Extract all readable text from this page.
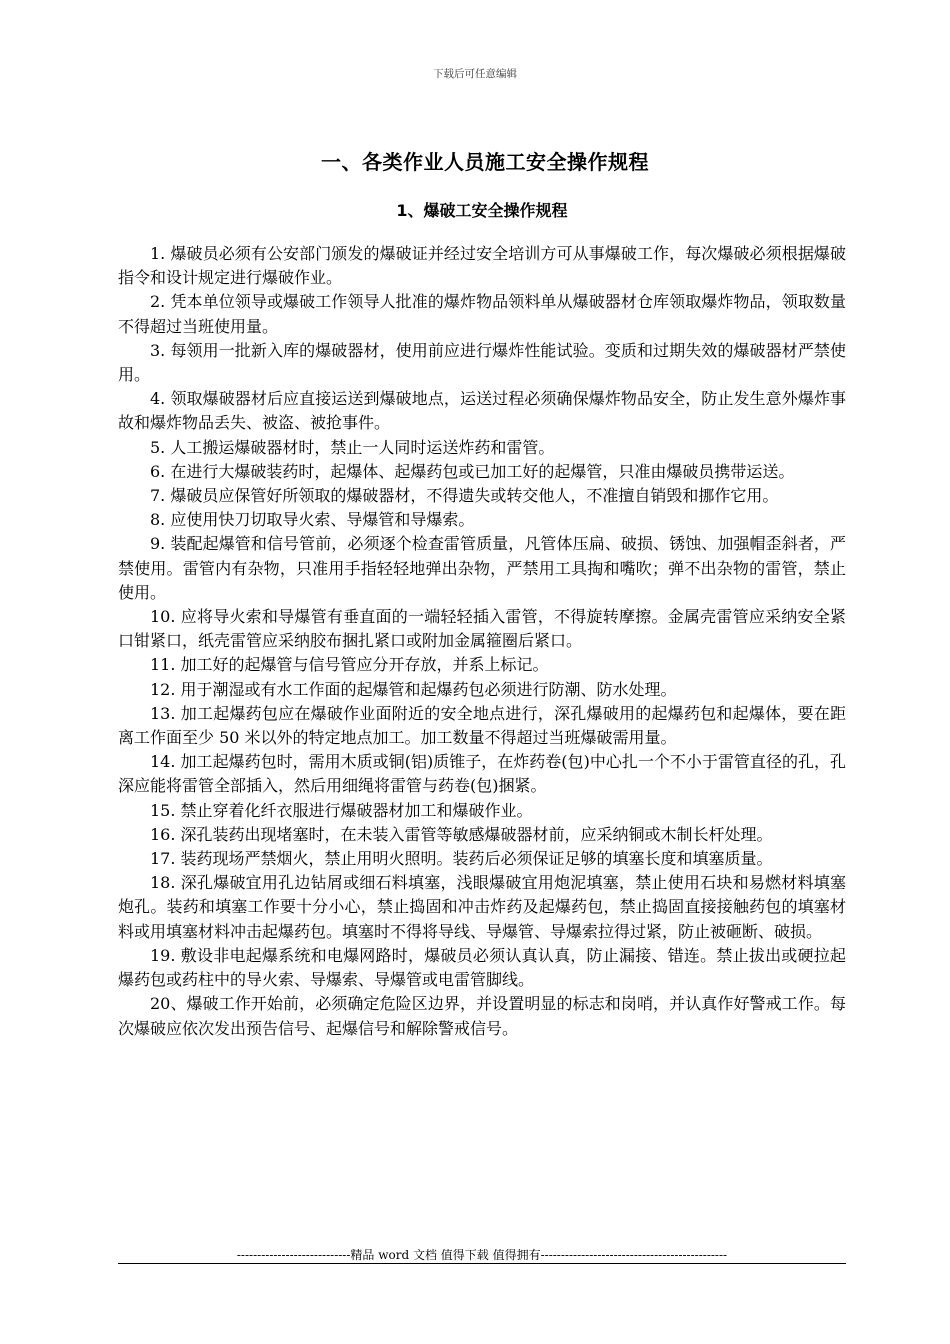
下载后可任意编辑
一、各类作业人员施工安全操作规程
1、爆破工安全操作规程

1. 爆破员必须有公安部门颁发的爆破证并经过安全培训方可从事爆破工作，每次爆破必须根据爆破指令和设计规定进行爆破作业。

2. 凭本单位领导或爆破工作领导人批准的爆炸物品领料单从爆破器材仓库领取爆炸物品，领取数量不得超过当班使用量。

3. 每领用一批新入库的爆破器材，使用前应进行爆炸性能试验。变质和过期失效的爆破器材严禁使用。

4. 领取爆破器材后应直接运送到爆破地点，运送过程必须确保爆炸物品安全，防止发生意外爆炸事故和爆炸物品丢失、被盗、被抢事件。

5. 人工搬运爆破器材时，禁止一人同时运送炸药和雷管。

6. 在进行大爆破装药时，起爆体、起爆药包或已加工好的起爆管，只准由爆破员携带运送。

7. 爆破员应保管好所领取的爆破器材，不得遗失或转交他人，不准擅自销毁和挪作它用。

8. 应使用快刀切取导火索、导爆管和导爆索。

9. 装配起爆管和信号管前，必须逐个检查雷管质量，凡管体压扁、破损、锈蚀、加强帽歪斜者，严禁使用。雷管内有杂物，只准用手指轻轻地弹出杂物，严禁用工具掏和嘴吹；弹不出杂物的雷管，禁止使用。

10. 应将导火索和导爆管有垂直面的一端轻轻插入雷管，不得旋转摩擦。金属壳雷管应采纳安全紧口钳紧口，纸壳雷管应采纳胶布捆扎紧口或附加金属箍圈后紧口。

11. 加工好的起爆管与信号管应分开存放，并系上标记。

12. 用于潮湿或有水工作面的起爆管和起爆药包必须进行防潮、防水处理。

13. 加工起爆药包应在爆破作业面附近的安全地点进行，深孔爆破用的起爆药包和起爆体，要在距离工作面至少 50 米以外的特定地点加工。加工数量不得超过当班爆破需用量。

14. 加工起爆药包时，需用木质或铜(铝)质锥子，在炸药卷(包)中心扎一个不小于雷管直径的孔，孔深应能将雷管全部插入，然后用细绳将雷管与药卷(包)捆紧。

15. 禁止穿着化纤衣服进行爆破器材加工和爆破作业。

16. 深孔装药出现堵塞时，在未装入雷管等敏感爆破器材前，应采纳铜或木制长杆处理。

17. 装药现场严禁烟火，禁止用明火照明。装药后必须保证足够的填塞长度和填塞质量。

18. 深孔爆破宜用孔边钻屑或细石料填塞，浅眼爆破宜用炮泥填塞，禁止使用石块和易燃材料填塞炮孔。装药和填塞工作要十分小心，禁止捣固和冲击炸药及起爆药包，禁止捣固直接接触药包的填塞材料或用填塞材料冲击起爆药包。填塞时不得将导线、导爆管、导爆索拉得过紧，防止被砸断、破损。

19. 敷设非电起爆系统和电爆网路时，爆破员必须认真认真，防止漏接、错连。禁止拔出或硬拉起爆药包或药柱中的导火索、导爆索、导爆管或电雷管脚线。

20、爆破工作开始前，必须确定危险区边界，并设置明显的标志和岗哨，并认真作好警戒工作。每次爆破应依次发出预告信号、起爆信号和解除警戒信号。

----------------------------精品 word 文档 值得下载 值得拥有----------------------------------------------
